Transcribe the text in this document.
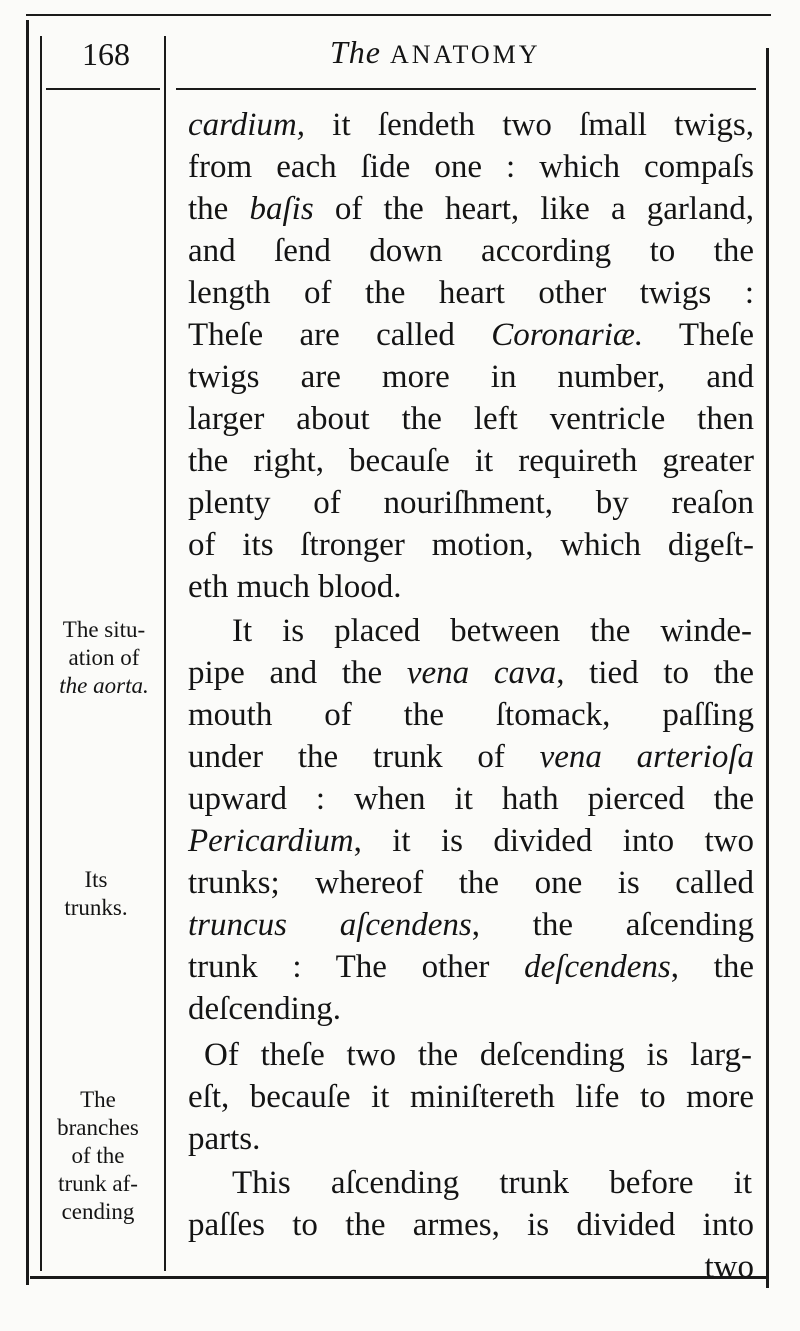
168	The ANATOMY
The situ-
ation of
the aorta.
Its
trunks.
The
branches
of the
trunk af-
cending
cardium, it ſendeth two ſmall twigs,
from each ſide one : which compaſs
the baſis of the heart, like a garland,
and ſend down according to the
length of the heart other twigs :
Theſe are called Coronariæ. Theſe
twigs are more in number, and
larger about the left ventricle then
the right, becauſe it requireth greater
plenty of nouriſhment, by reaſon
of its ſtronger motion, which digeſt-
eth much blood.
It is placed between the winde-
pipe and the vena cava, tied to the
mouth of the ſtomack, paſſing
under the trunk of vena arterioſa
upward : when it hath pierced the
Pericardium, it is divided into two
trunks; whereof the one is called
truncus aſcendens, the aſcending
trunk : The other deſcendens, the
deſcending.
Of theſe two the deſcending is larg-
eſt, becauſe it miniſtereth life to more
parts.
This aſcending trunk before it
paſſes to the armes, is divided into
two
